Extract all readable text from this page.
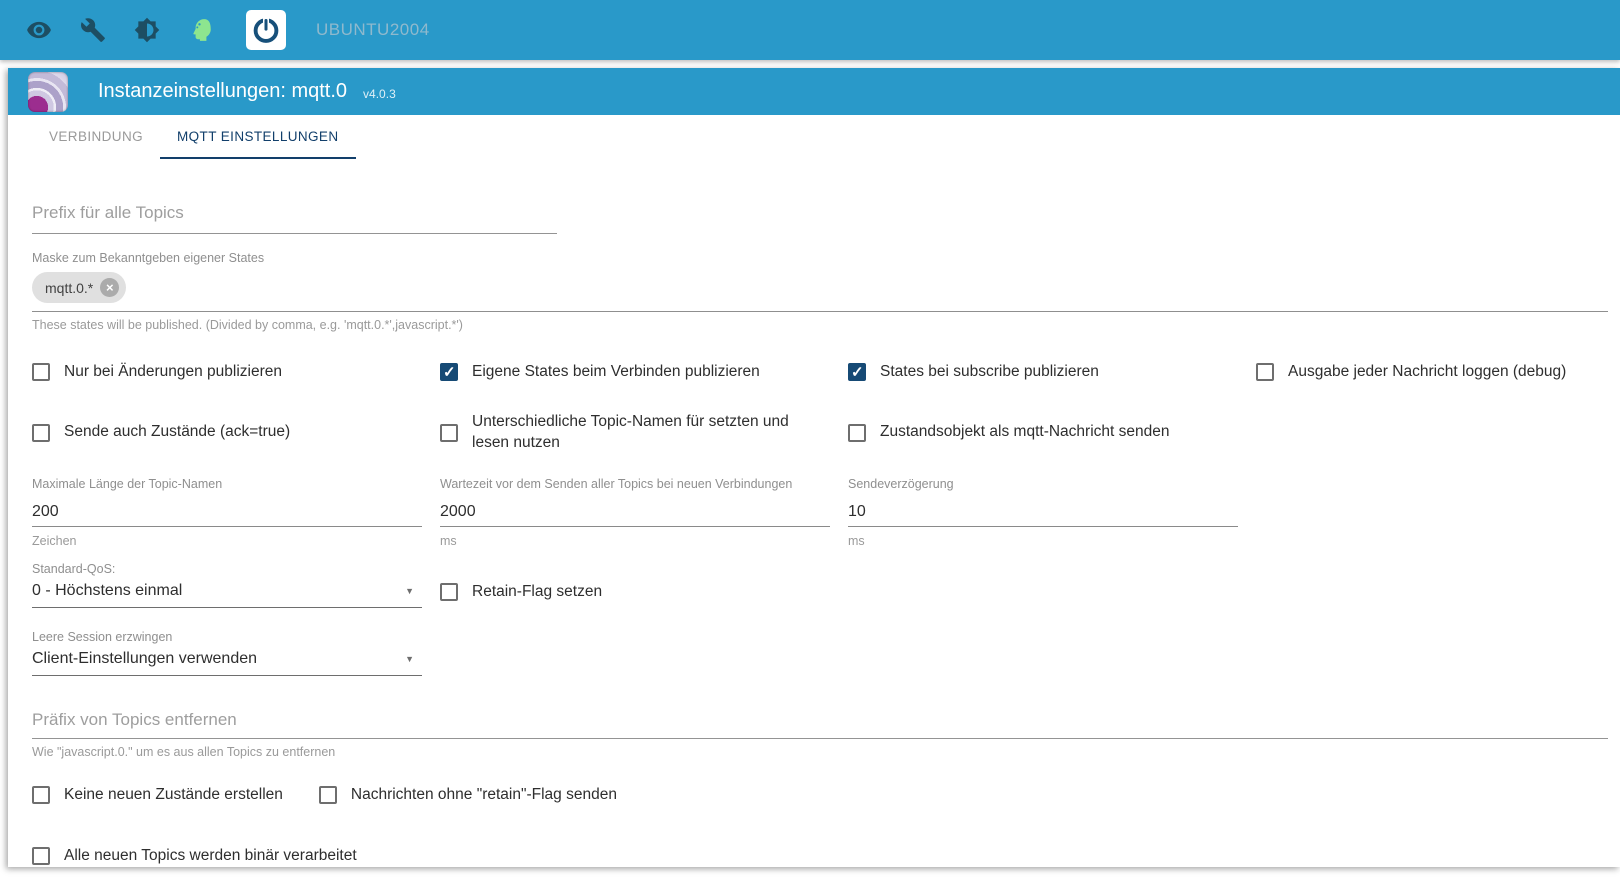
UBUNTU2004
Instanzeinstellungen: mqtt.0 v4.0.3
VERBINDUNG	MQTT EINSTELLUNGEN
Prefix für alle Topics
Maske zum Bekanntgeben eigener States
mqtt.0.* ×
These states will be published. (Divided by comma, e.g. 'mqtt.0.*',javascript.*')
Nur bei Änderungen publizieren	✓ Eigene States beim Verbinden publizieren	✓ States bei subscribe publizieren	Ausgabe jeder Nachricht loggen (debug)
Sende auch Zustände (ack=true)
Unterschiedliche Topic-Namen für setzten und lesen nutzen
Zustandsobjekt als mqtt-Nachricht senden
Maximale Länge der Topic-Namen
200
Zeichen
Wartezeit vor dem Senden aller Topics bei neuen Verbindungen
2000
ms
Sendeverzögerung
10
ms
Standard-QoS:
0 - Höchstens einmal	▼	Retain-Flag setzen
Leere Session erzwingen
Client-Einstellungen verwenden	▼
Präfix von Topics entfernen
Wie "javascript.0." um es aus allen Topics zu entfernen
Keine neuen Zustände erstellen	Nachrichten ohne "retain"-Flag senden
Alle neuen Topics werden binär verarbeitet
